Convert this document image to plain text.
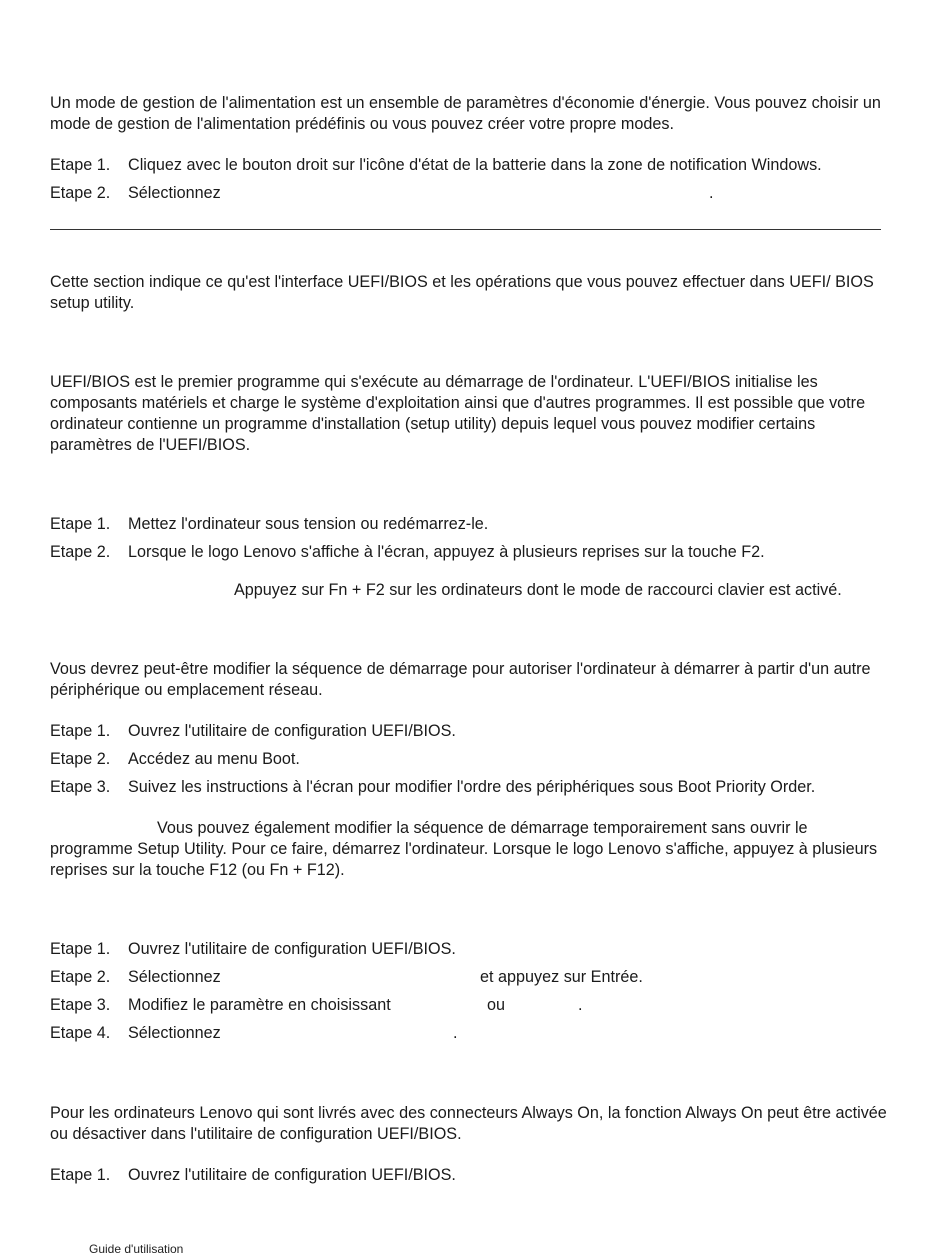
Un mode de gestion de l'alimentation est un ensemble de paramètres d'économie d'énergie. Vous pouvez choisir un mode de gestion de l'alimentation prédéfinis ou vous pouvez créer votre propre modes.

Etape 1. Cliquez avec le bouton droit sur l'icône d'état de la batterie dans la zone de notification Windows.
Etape 2. Sélectionnez	.

Cette section indique ce qu'est l'interface UEFI/BIOS et les opérations que vous pouvez effectuer dans UEFI/ BIOS setup utility.

UEFI/BIOS est le premier programme qui s'exécute au démarrage de l'ordinateur. L'UEFI/BIOS initialise les composants matériels et charge le système d'exploitation ainsi que d'autres programmes. Il est possible que votre ordinateur contienne un programme d'installation (setup utility) depuis lequel vous pouvez modifier certains paramètres de l'UEFI/BIOS.

Etape 1. Mettez l'ordinateur sous tension ou redémarrez-le.
Etape 2. Lorsque le logo Lenovo s'affiche à l'écran, appuyez à plusieurs reprises sur la touche F2.
Appuyez sur Fn + F2 sur les ordinateurs dont le mode de raccourci clavier est activé.

Vous devrez peut-être modifier la séquence de démarrage pour autoriser l'ordinateur à démarrer à partir d'un autre périphérique ou emplacement réseau.

Etape 1. Ouvrez l'utilitaire de configuration UEFI/BIOS.
Etape 2. Accédez au menu Boot.
Etape 3. Suivez les instructions à l'écran pour modifier l'ordre des périphériques sous Boot Priority Order.
Vous pouvez également modifier la séquence de démarrage temporairement sans ouvrir le

programme Setup Utility. Pour ce faire, démarrez l'ordinateur. Lorsque le logo Lenovo s'affiche, appuyez à plusieurs reprises sur la touche F12 (ou Fn + F12).

Etape 1. Ouvrez l'utilitaire de configuration UEFI/BIOS.
Etape 2. Sélectionnez	et appuyez sur Entrée.
Etape 3. Modifiez le paramètre en choisissant	ou	.
Etape 4. Sélectionnez	.

Pour les ordinateurs Lenovo qui sont livrés avec des connecteurs Always On, la fonction Always On peut être activée ou désactiver dans l'utilitaire de configuration UEFI/BIOS.

Etape 1. Ouvrez l'utilitaire de configuration UEFI/BIOS.
Guide d'utilisation
